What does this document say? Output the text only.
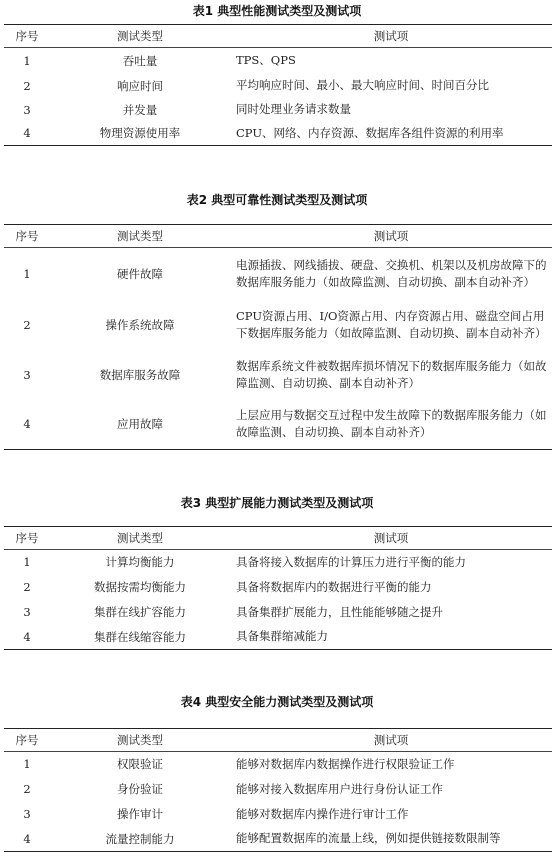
表1 典型性能测试类型及测试项
序号	测试类型	测试项
1	吞吐量	TPS、QPS
2	响应时间	平均响应时间、最小、最大响应时间、时间百分比
3	并发量	同时处理业务请求数量
4	物理资源使用率	CPU、网络、内存资源、数据库各组件资源的利用率
表2 典型可靠性测试类型及测试项
序号	测试类型	测试项
1	硬件故障	电源插拔、网线插拔、硬盘、交换机、机架以及机房故障下的数据库服务能力（如故障监测、自动切换、副本自动补齐）
2	操作系统故障	CPU资源占用、I/O资源占用、内存资源占用、磁盘空间占用下数据库服务能力（如故障监测、自动切换、副本自动补齐）
3	数据库服务故障	数据库系统文件被数据库损坏情况下的数据库服务能力（如故障监测、自动切换、副本自动补齐）
4	应用故障	上层应用与数据交互过程中发生故障下的数据库服务能力（如故障监测、自动切换、副本自动补齐）
表3 典型扩展能力测试类型及测试项
序号	测试类型	测试项
1	计算均衡能力	具备将接入数据库的计算压力进行平衡的能力
2	数据按需均衡能力	具备将数据库内的数据进行平衡的能力
3	集群在线扩容能力	具备集群扩展能力，且性能能够随之提升
4	集群在线缩容能力	具备集群缩减能力
表4 典型安全能力测试类型及测试项
序号	测试类型	测试项
1	权限验证	能够对数据库内数据操作进行权限验证工作
2	身份验证	能够对接入数据库用户进行身份认证工作
3	操作审计	能够对数据库内操作进行审计工作
4	流量控制能力	能够配置数据库的流量上线，例如提供链接数限制等
